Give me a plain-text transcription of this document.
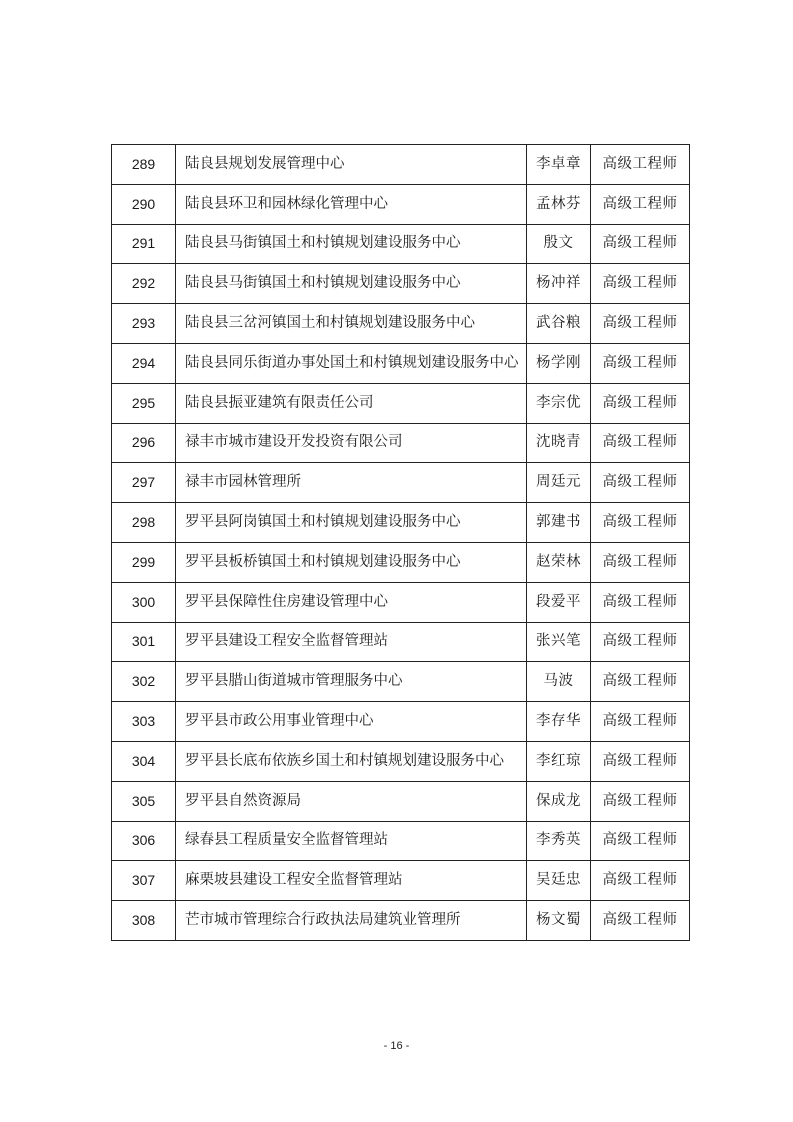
289	陆良县规划发展管理中心	李卓章	高级工程师
290	陆良县环卫和园林绿化管理中心	孟林芬	高级工程师
291	陆良县马街镇国土和村镇规划建设服务中心	殷文	高级工程师
292	陆良县马街镇国土和村镇规划建设服务中心	杨冲祥	高级工程师
293	陆良县三岔河镇国土和村镇规划建设服务中心	武谷粮	高级工程师
294	陆良县同乐街道办事处国土和村镇规划建设服务中心	杨学刚	高级工程师
295	陆良县振亚建筑有限责任公司	李宗优	高级工程师
296	禄丰市城市建设开发投资有限公司	沈晓青	高级工程师
297	禄丰市园林管理所	周廷元	高级工程师
298	罗平县阿岗镇国土和村镇规划建设服务中心	郭建书	高级工程师
299	罗平县板桥镇国土和村镇规划建设服务中心	赵荣林	高级工程师
300	罗平县保障性住房建设管理中心	段爱平	高级工程师
301	罗平县建设工程安全监督管理站	张兴笔	高级工程师
302	罗平县腊山街道城市管理服务中心	马波	高级工程师
303	罗平县市政公用事业管理中心	李存华	高级工程师
304	罗平县长底布依族乡国土和村镇规划建设服务中心	李红琼	高级工程师
305	罗平县自然资源局	保成龙	高级工程师
306	绿春县工程质量安全监督管理站	李秀英	高级工程师
307	麻栗坡县建设工程安全监督管理站	吴廷忠	高级工程师
308	芒市城市管理综合行政执法局建筑业管理所	杨文蜀	高级工程师
- 16 -
